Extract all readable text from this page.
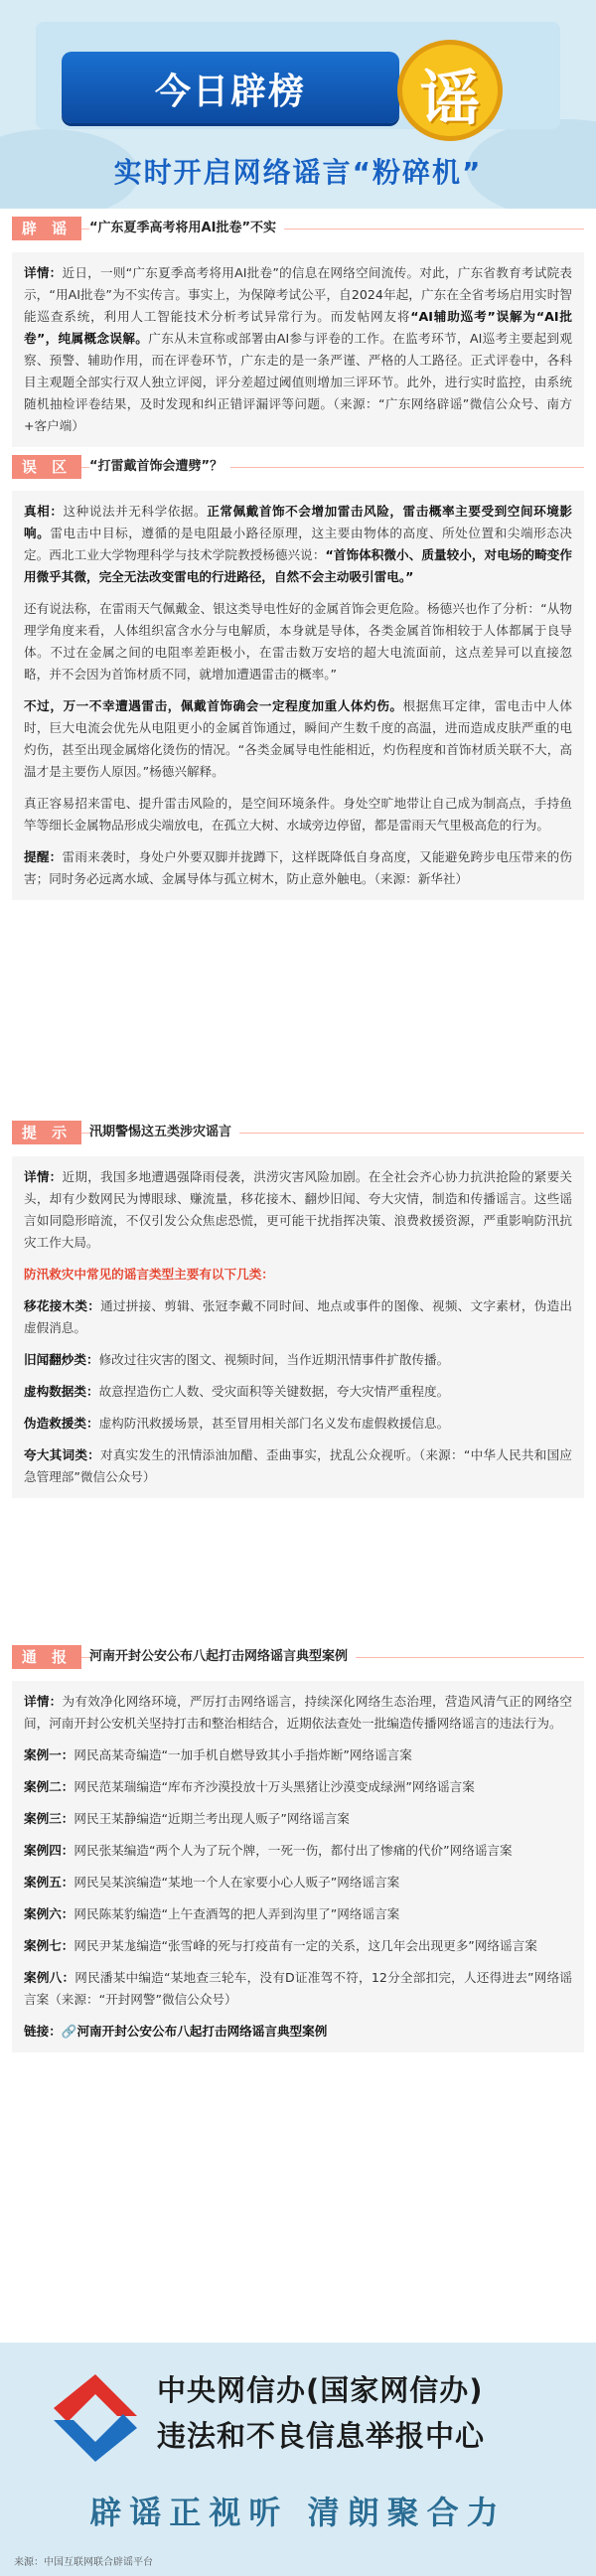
今日辟榜	谣
实时开启网络谣言“粉碎机”
辟 谣	“广东夏季高考将用AI批卷”不实

详情：近日，一则“广东夏季高考将用AI批卷”的信息在网络空间流传。对此，广东省教育考试院表示，“用AI批卷”为不实传言。事实上，为保障考试公平，自2024年起，广东在全省考场启用实时智能巡查系统，利用人工智能技术分析考试异常行为。而发帖网友将“AI辅助巡考”误解为“AI批卷”，纯属概念误解。广东从未宣称或部署由AI参与评卷的工作。在监考环节，AI巡考主要起到观察、预警、辅助作用，而在评卷环节，广东走的是一条严谨、严格的人工路径。正式评卷中，各科目主观题全部实行双人独立评阅，评分差超过阈值则增加三评环节。此外，进行实时监控，由系统随机抽检评卷结果，及时发现和纠正错评漏评等问题。（来源：“广东网络辟谣”微信公众号、南方+客户端）

误 区	“打雷戴首饰会遭劈”？

真相：这种说法并无科学依据。正常佩戴首饰不会增加雷击风险，雷击概率主要受到空间环境影响。雷电击中目标，遵循的是电阻最小路径原理，这主要由物体的高度、所处位置和尖端形态决定。西北工业大学物理科学与技术学院教授杨德兴说：“首饰体积微小、质量较小，对电场的畸变作用微乎其微，完全无法改变雷电的行进路径，自然不会主动吸引雷电。”

还有说法称，在雷雨天气佩戴金、银这类导电性好的金属首饰会更危险。杨德兴也作了分析：“从物理学角度来看，人体组织富含水分与电解质，本身就是导体，各类金属首饰相较于人体都属于良导体。不过在金属之间的电阻率差距极小，在雷击数万安培的超大电流面前，这点差异可以直接忽略，并不会因为首饰材质不同，就增加遭遇雷击的概率。”

不过，万一不幸遭遇雷击，佩戴首饰确会一定程度加重人体灼伤。根据焦耳定律，雷电击中人体时，巨大电流会优先从电阻更小的金属首饰通过，瞬间产生数千度的高温，进而造成皮肤严重的电灼伤，甚至出现金属熔化烫伤的情况。“各类金属导电性能相近，灼伤程度和首饰材质关联不大，高温才是主要伤人原因。”杨德兴解释。

真正容易招来雷电、提升雷击风险的，是空间环境条件。身处空旷地带让自己成为制高点，手持鱼竿等细长金属物品形成尖端放电，在孤立大树、水域旁边停留，都是雷雨天气里极高危的行为。

提醒：雷雨来袭时，身处户外要双脚并拢蹲下，这样既降低自身高度，又能避免跨步电压带来的伤害；同时务必远离水域、金属导体与孤立树木，防止意外触电。（来源：新华社）

提 示	汛期警惕这五类涉灾谣言

详情：近期，我国多地遭遇强降雨侵袭，洪涝灾害风险加剧。在全社会齐心协力抗洪抢险的紧要关头，却有少数网民为博眼球、赚流量，移花接木、翻炒旧闻、夸大灾情，制造和传播谣言。这些谣言如同隐形暗流，不仅引发公众焦虑恐慌，更可能干扰指挥决策、浪费救援资源，严重影响防汛抗灾工作大局。

防汛救灾中常见的谣言类型主要有以下几类：

移花接木类：通过拼接、剪辑、张冠李戴不同时间、地点或事件的图像、视频、文字素材，伪造出虚假消息。

旧闻翻炒类：修改过往灾害的图文、视频时间，当作近期汛情事件扩散传播。

虚构数据类：故意捏造伤亡人数、受灾面积等关键数据，夸大灾情严重程度。

伪造救援类：虚构防汛救援场景，甚至冒用相关部门名义发布虚假救援信息。

夸大其词类：对真实发生的汛情添油加醋、歪曲事实，扰乱公众视听。（来源：“中华人民共和国应急管理部”微信公众号）

通 报	河南开封公安公布八起打击网络谣言典型案例

详情：为有效净化网络环境，严厉打击网络谣言，持续深化网络生态治理，营造风清气正的网络空间，河南开封公安机关坚持打击和整治相结合，近期依法查处一批编造传播网络谣言的违法行为。

案例一：网民高某奇编造“一加手机自燃导致其小手指炸断”网络谣言案

案例二：网民范某瑞编造“库布齐沙漠投放十万头黑猪让沙漠变成绿洲”网络谣言案

案例三：网民王某静编造“近期兰考出现人贩子”网络谣言案

案例四：网民张某编造“两个人为了玩个牌，一死一伤，都付出了惨痛的代价”网络谣言案

案例五：网民吴某滨编造“某地一个人在家要小心人贩子”网络谣言案

案例六：网民陈某豹编造“上午查酒驾的把人弄到沟里了”网络谣言案

案例七：网民尹某尨编造“张雪峰的死与打疫苗有一定的关系，这几年会出现更多”网络谣言案

案例八：网民潘某中编造“某地查三轮车，没有D证准驾不符，12分全部扣完，人还得进去”网络谣言案（来源：“开封网警”微信公众号）

链接：🔗河南开封公安公布八起打击网络谣言典型案例

中央网信办(国家网信办)
违法和不良信息举报中心
辟谣正视听 清朗聚合力
来源：中国互联网联合辟谣平台
